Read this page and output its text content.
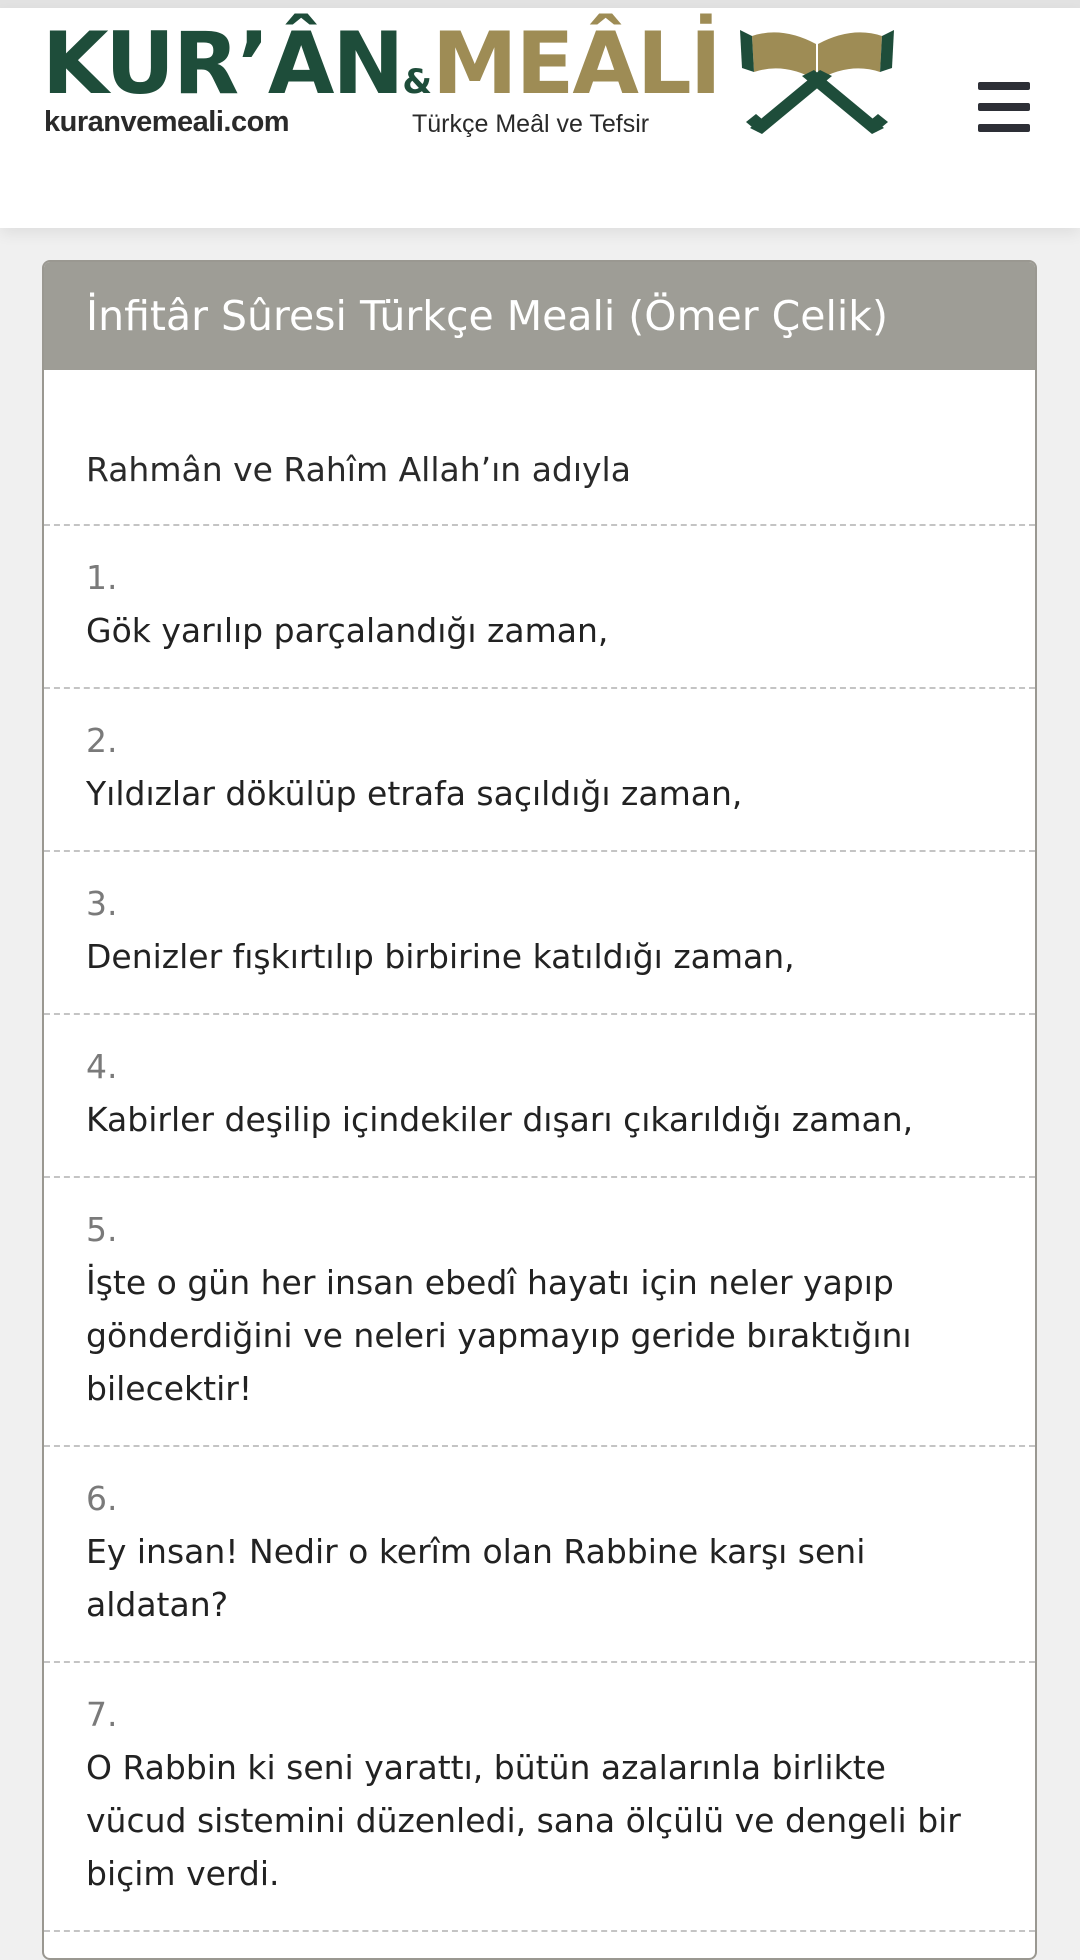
KUR’ÂN&MEÂLİ
kuranvemeali.com	Türkçe Meâl ve Tefsir
İnfitâr Sûresi Türkçe Meali (Ömer Çelik)
Rahmân ve Rahîm Allah’ın adıyla
1.
Gök yarılıp parçalandığı zaman,
2.
Yıldızlar dökülüp etrafa saçıldığı zaman,
3.
Denizler fışkırtılıp birbirine katıldığı zaman,
4.
Kabirler deşilip içindekiler dışarı çıkarıldığı zaman,
5.
İşte o gün her insan ebedî hayatı için neler yapıp gönderdiğini ve neleri yapmayıp geride bıraktığını bilecektir!
6.
Ey insan! Nedir o kerîm olan Rabbine karşı seni aldatan?
7.
O Rabbin ki seni yarattı, bütün azalarınla birlikte vücud sistemini düzenledi, sana ölçülü ve dengeli bir biçim verdi.
